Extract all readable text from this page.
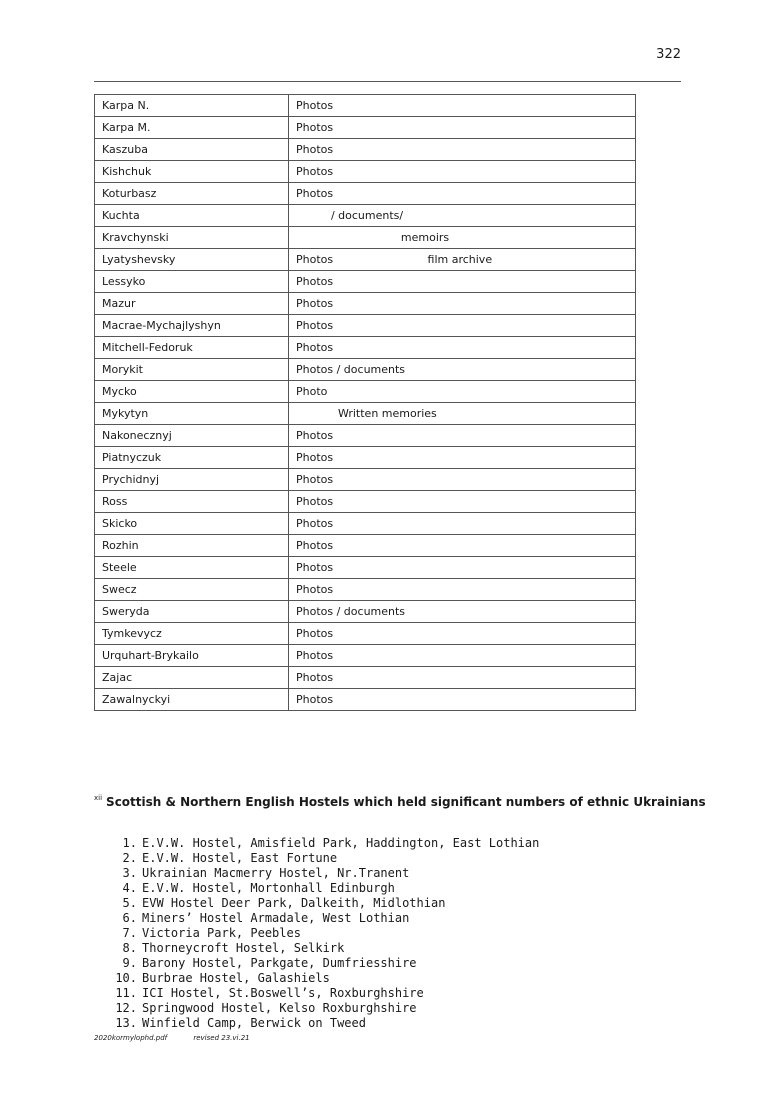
322
Karpa N.	Photos
Karpa M.	Photos
Kaszuba	Photos
Kishchuk	Photos
Koturbasz	Photos
Kuchta	/ documents/
Kravchynski	memoirs
Lyatyshevsky	Photos                           film archive
Lessyko	Photos
Mazur	Photos
Macrae-Mychajlyshyn	Photos
Mitchell-Fedoruk	Photos
Morykit	Photos / documents
Mycko	Photo
Mykytyn	Written memories
Nakonecznyj	Photos
Piatnyczuk	Photos
Prychidnyj	Photos
Ross	Photos
Skicko	Photos
Rozhin	Photos
Steele	Photos
Swecz	Photos
Sweryda	Photos / documents
Tymkevycz	Photos
Urquhart-Brykailo	Photos
Zajac	Photos
Zawalnyckyi	Photos
$^{xii}$ Scottish & Northern English Hostels which held significant numbers of ethnic Ukrainians
1. E.V.W. Hostel, Amisfield Park, Haddington, East Lothian
2. E.V.W. Hostel, East Fortune
3. Ukrainian Macmerry Hostel, Nr.Tranent
4. E.V.W. Hostel, Mortonhall Edinburgh
5. EVW Hostel Deer Park, Dalkeith, Midlothian
6. Miners’ Hostel Armadale, West Lothian
7. Victoria Park, Peebles
8. Thorneycroft Hostel, Selkirk
9. Barony Hostel, Parkgate, Dumfriesshire
10. Burbrae Hostel, Galashiels
11. ICI Hostel, St.Boswell’s, Roxburghshire
12. Springwood Hostel, Kelso Roxburghshire
13. Winfield Camp, Berwick on Tweed
2020kormylophd.pdf	revised 23.vi.21
